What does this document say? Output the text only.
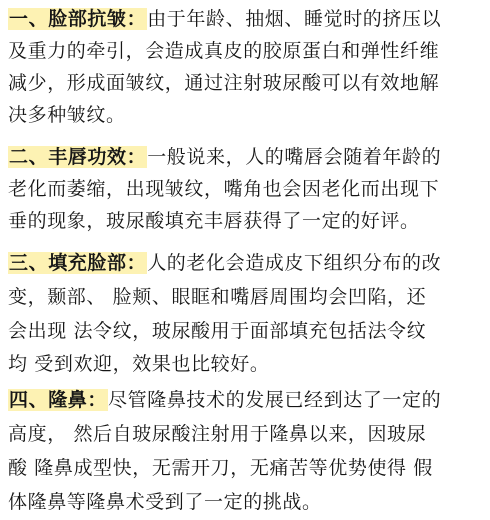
一、脸部抗皱：由于年龄、抽烟、睡觉时的挤压以
及重力的牵引，会造成真皮的胶原蛋白和弹性纤维
减少，形成面皱纹，通过注射玻尿酸可以有效地解
决多种皱纹。
二、丰唇功效：一般说来，人的嘴唇会随着年龄的
老化而萎缩，出现皱纹，嘴角也会因老化而出现下
垂的现象，玻尿酸填充丰唇获得了一定的好评。
三、填充脸部：人的老化会造成皮下组织分布的改
变，颞部、 脸颊、眼眶和嘴唇周围均会凹陷，还
会出现 法令纹，玻尿酸用于面部填充包括法令纹
均 受到欢迎，效果也比较好。
四、隆鼻：尽管隆鼻技术的发展已经到达了一定的
高度， 然后自玻尿酸注射用于隆鼻以来，因玻尿
酸 隆鼻成型快，无需开刀，无痛苦等优势使得 假
体隆鼻等隆鼻术受到了一定的挑战。
